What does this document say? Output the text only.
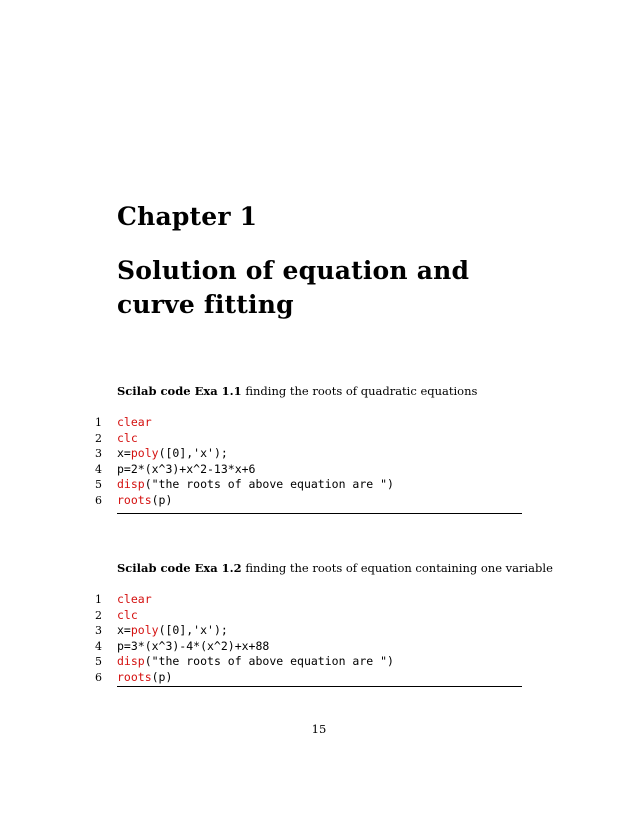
Chapter 1
Solution of equation and curve fitting
Scilab code Exa 1.1 finding the roots of quadratic equations
1 clear
2 clc
3 x=poly([0],'x');
4 p=2*(x^3)+x^2-13*x+6
5 disp("the roots of above equation are ")
6 roots(p)
Scilab code Exa 1.2 finding the roots of equation containing one variable
1 clear
2 clc
3 x=poly([0],'x');
4 p=3*(x^3)-4*(x^2)+x+88
5 disp("the roots of above equation are ")
6 roots(p)
15
